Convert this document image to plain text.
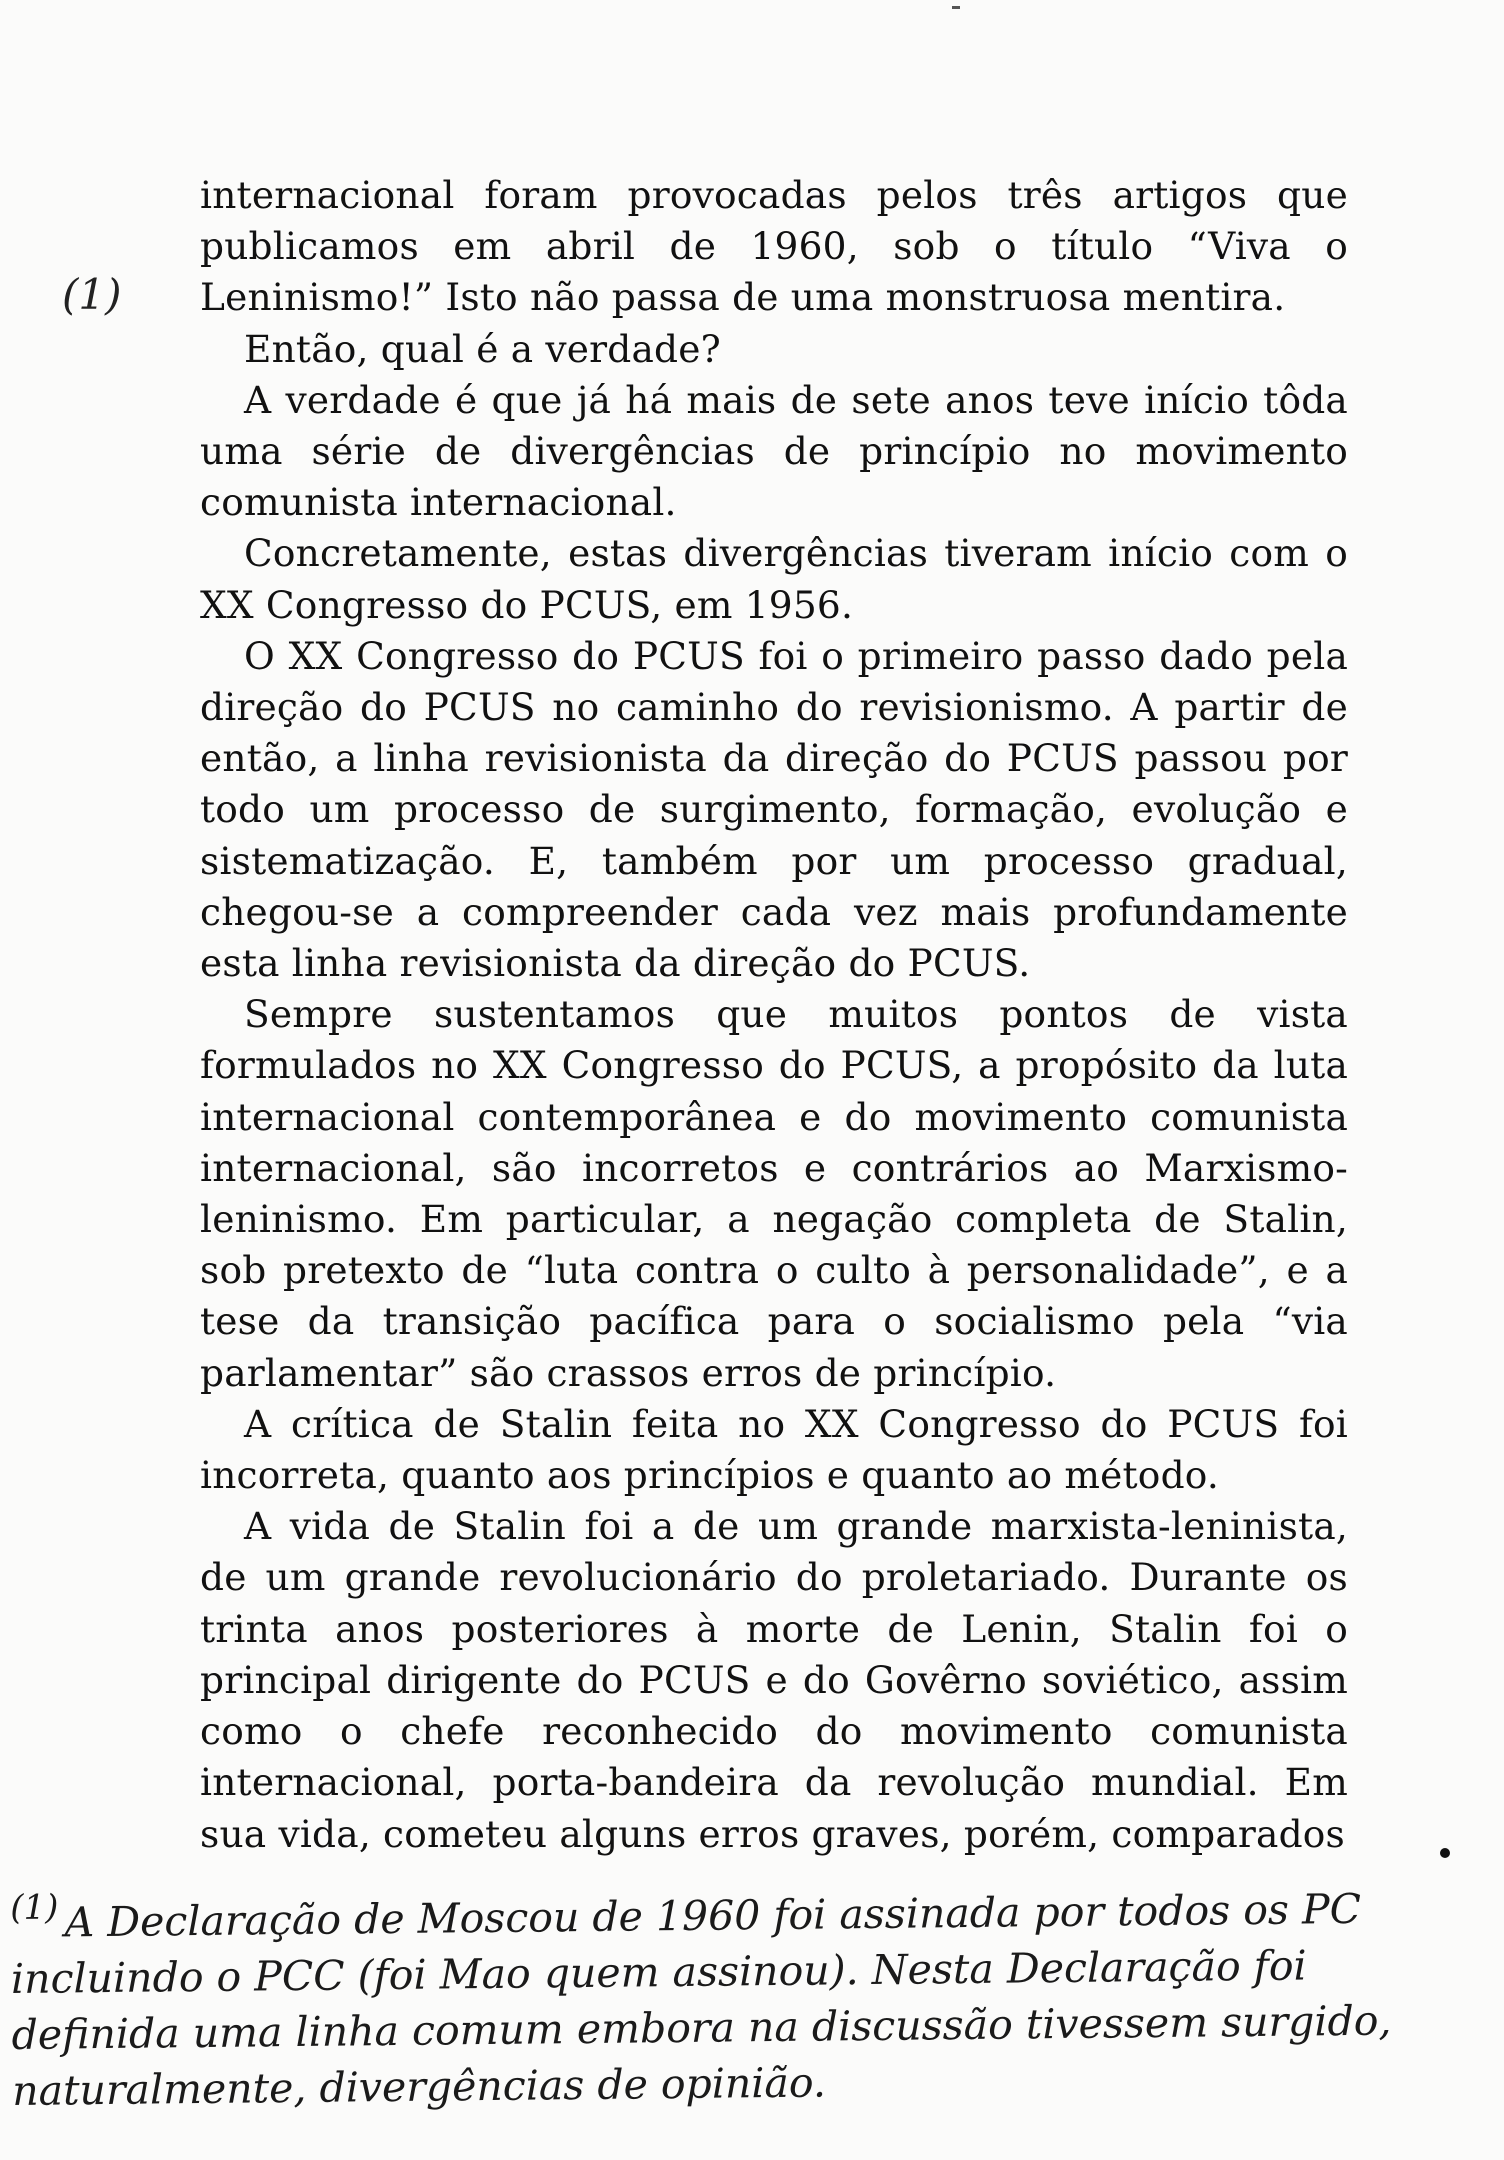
(1)

internacional foram provocadas pelos três artigos que publicamos em abril de 1960, sob o título “Viva o Leninismo!” Isto não passa de uma monstruosa mentira.

Então, qual é a verdade?

A verdade é que já há mais de sete anos teve início tôda uma série de divergências de princípio no movimento comunista internacional.

Concretamente, estas divergências tiveram início com o XX Congresso do PCUS, em 1956.

O XX Congresso do PCUS foi o primeiro passo dado pela direção do PCUS no caminho do revisionismo. A partir de então, a linha revisionista da direção do PCUS passou por todo um processo de surgimento, formação, evolução e sistematização. E, também por um processo gradual, chegou-se a compreender cada vez mais profundamente esta linha revisionista da direção do PCUS.

Sempre sustentamos que muitos pontos de vista formulados no XX Congresso do PCUS, a propósito da luta internacional contemporânea e do movimento comunista internacional, são incorretos e contrários ao Marxismo-leninismo. Em particular, a negação completa de Stalin, sob pretexto de “luta contra o culto à personalidade”, e a tese da transição pacífica para o socialismo pela “via parlamentar” são crassos erros de princípio.

A crítica de Stalin feita no XX Congresso do PCUS foi incorreta, quanto aos princípios e quanto ao método.

A vida de Stalin foi a de um grande marxista-leninista, de um grande revolucionário do proletariado. Durante os trinta anos posteriores à morte de Lenin, Stalin foi o principal dirigente do PCUS e do Govêrno soviético, assim como o chefe reconhecido do movimento comunista internacional, porta-bandeira da revolução mundial. Em sua vida, cometeu alguns erros graves, porém, comparados

$^{(1)}$ A Declaração de Moscou de 1960 foi assinada por todos os PC incluindo o PCC (foi Mao quem assinou). Nesta Declaração foi definida uma linha comum embora na discussão tivessem surgido, naturalmente, divergências de opinião.
